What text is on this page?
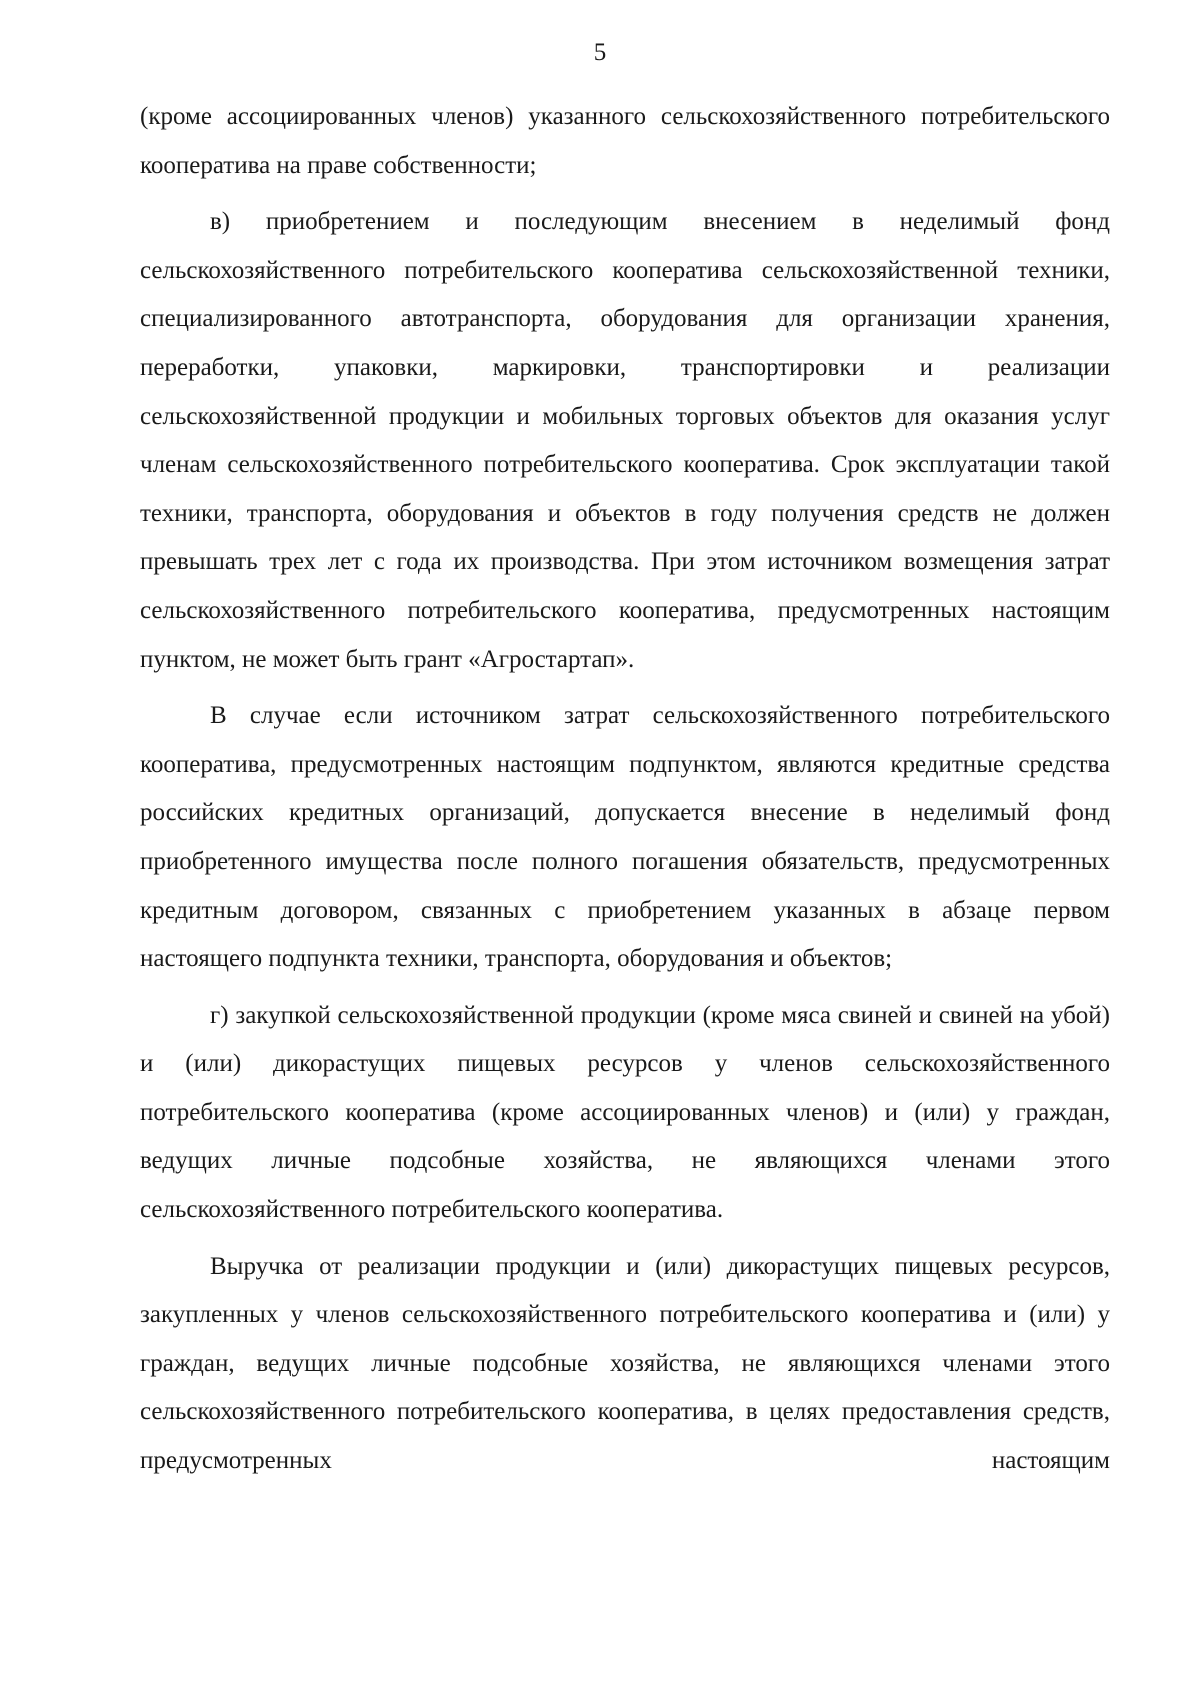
5

(кроме ассоциированных членов) указанного сельскохозяйственного потребительского кооператива на праве собственности;

в) приобретением и последующим внесением в неделимый фонд сельскохозяйственного потребительского кооператива сельскохозяйственной техники, специализированного автотранспорта, оборудования для организации хранения, переработки, упаковки, маркировки, транспортировки и реализации сельскохозяйственной продукции и мобильных торговых объектов для оказания услуг членам сельскохозяйственного потребительского кооператива. Срок эксплуатации такой техники, транспорта, оборудования и объектов в году получения средств не должен превышать трех лет с года их производства. При этом источником возмещения затрат сельскохозяйственного потребительского кооператива, предусмотренных настоящим пунктом, не может быть грант «Агростартап».

В случае если источником затрат сельскохозяйственного потребительского кооператива, предусмотренных настоящим подпунктом, являются кредитные средства российских кредитных организаций, допускается внесение в неделимый фонд приобретенного имущества после полного погашения обязательств, предусмотренных кредитным договором, связанных с приобретением указанных в абзаце первом настоящего подпункта техники, транспорта, оборудования и объектов;

г) закупкой сельскохозяйственной продукции (кроме мяса свиней и свиней на убой) и (или) дикорастущих пищевых ресурсов у членов сельскохозяйственного потребительского кооператива (кроме ассоциированных членов) и (или) у граждан, ведущих личные подсобные хозяйства, не являющихся членами этого сельскохозяйственного потребительского кооператива.

Выручка от реализации продукции и (или) дикорастущих пищевых ресурсов, закупленных у членов сельскохозяйственного потребительского кооператива и (или) у граждан, ведущих личные подсобные хозяйства, не являющихся членами этого сельскохозяйственного потребительского кооператива, в целях предоставления средств, предусмотренных настоящим
